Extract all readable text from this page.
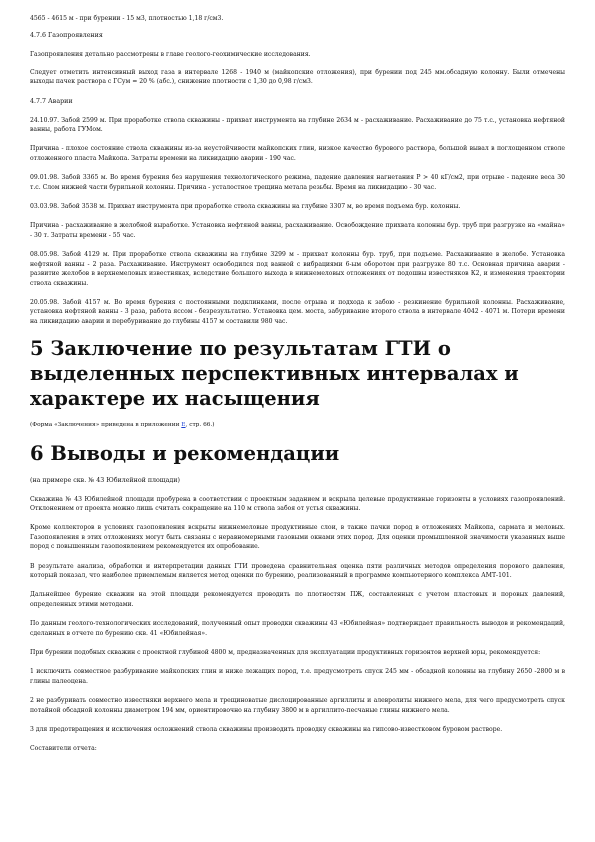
4565 - 4615 м - при бурении - 15 м3, плотностью 1,18 г/см3.

4.7.6 Газопроявления

Газопроявления детально рассмотрены в главе геолого-геохимические исследования.

Следует отметить интенсивный выход газа в интервале 1268 - 1940 м (майкопские отложения), при бурении под 245 мм.обсадную колонну. Были отмечены выходы пачек раствора с ГСум = 20 % (абс.), снижение плотности с 1,30 до 0,98 г/см3.

4.7.7 Аварии

24.10.97. Забой 2599 м. При проработке ствола скважины - прихват инструмента на глубине 2634 м - расхаживание. Расхаживание до 75 т.с., установка нефтяной ванны, работа ГУМом.

Причина - плохое состояние ствола скважины из-за неустойчивости майкопских глин, низкое качество бурового раствора, большой вывал в поглощенном стволе отложенного пласта Майкопа. Затраты времени на ликвидацию аварии - 190 час.

09.01.98. Забой 3365 м. Во время бурения без нарушения технологического режима, падение давления нагнетания P > 40 кГ/см2, при отрыве - падение веса 30 т.с. Слом нижней части бурильной колонны. Причина - усталостное трещина метала резьбы. Время на ликвидацию - 30 час.

03.03.98. Забой 3538 м. Прихват инструмента при проработке ствола скважины на глубине 3307 м, во время подъема бур. колонны.

Причина - расхаживание в желобной выработке. Установка нефтяной ванны, расхаживание. Освобождение прихвата колонны бур. труб при разгрузке на «майна» - 30 т. Затраты времени - 55 час.

08.05.98. Забой 4129 м. При проработке ствола скважины на глубине 3299 м - прихват колонны бур. труб, при подъеме. Расхаживание в желобе. Установка нефтяной ванны - 2 раза. Расхаживание. Инструмент освободился под ванной с вибрациями 6-ым оборотом при разгрузке 80 т.с. Основная причина аварии - развитие желобов в верхнемеловых известняках, вследствие большого выхода в нижнемеловых отложениях от подошвы известняков К2, и изменения траектории ствола скважины.

20.05.98. Забой 4157 м. Во время бурения с постоянными подклинками, после отрыва и подхода к забою - резкинение бурильной колонны. Расхаживание, установка нефтяной ванны - 3 раза, работа яссом - безрезультатно. Установка цем. моста, забуривание второго ствола в интервале 4042 - 4071 м. Потери времени на ликвидацию аварии и перебуривание до глубины 4157 м составили 980 час.

5 Заключение по результатам ГТИ о выделенных перспективных интервалах и характере их насыщения

(Форма «Заключения» приведена в приложении Е, стр. 66.)

6 Выводы и рекомендации

(на примере скв. № 43 Юбилейной площади)

Скважина № 43 Юбилейной площади пробурена в соответствии с проектным заданием и вскрыла целевые продуктивные горизонты в условиях газопроявлений. Отклонением от проекта можно лишь считать сокращение на 110 м ствола забоя от устья скважины.

Кроме коллекторов в условиях газопоявления вскрыты нижнемеловые продуктивные слои, в также пачки пород в отложениях Майкопа, сармата и меловых. Газопоявления в этих отложениях могут быть связаны с неравномерными газовыми окнами этих пород. Для оценки промышленной значимости указанных выше пород с повышенным газопоявлением рекомендуется их опробование.

В результате анализа, обработки и интерпретации данных ГТИ проведена сравнительная оценка пяти различных методов определения порового давления, который показал, что наиболее приемлемым является метод оценки по бурению, реализованный в программе компьютерного комплекса АМТ-101.

Дальнейшее бурение скважин на этой площади рекомендуется проводить по плотностям ПЖ, составленных с учетом пластовых и поровых давлений, определенных этими методами.

По данным геолого-технологических исследований, полученный опыт проводки скважины 43 «Юбилейная» подтверждает правильность выводов и рекомендаций, сделанных в отчете по бурению скв. 41 «Юбилейная».

При бурении подобных скважин с проектной глубиной 4800 м, предназначенных для эксплуатации продуктивных горизонтов верхней юры, рекомендуется:

1 исключить совместное разбуривание майкопских глин и ниже лежащих пород, т.е. предусмотреть спуск 245 мм - обсадной колонны на глубину 2650 -2800 м в глины палеоцена.

2 не разбуривать совместно известняки верхнего мела и трещиноватые дислоцированные аргиллиты и алевролиты нижнего мела, для чего предусмотреть спуск потайной обсадной колонны диаметром 194 мм, ориентировочно на глубину 3800 м в аргиллито-песчаные глины нижнего мела.

3 для предотвращения и исключения осложнений ствола скважины производить проводку скважины на гипсово-известковом буровом растворе.

Составители отчета:
